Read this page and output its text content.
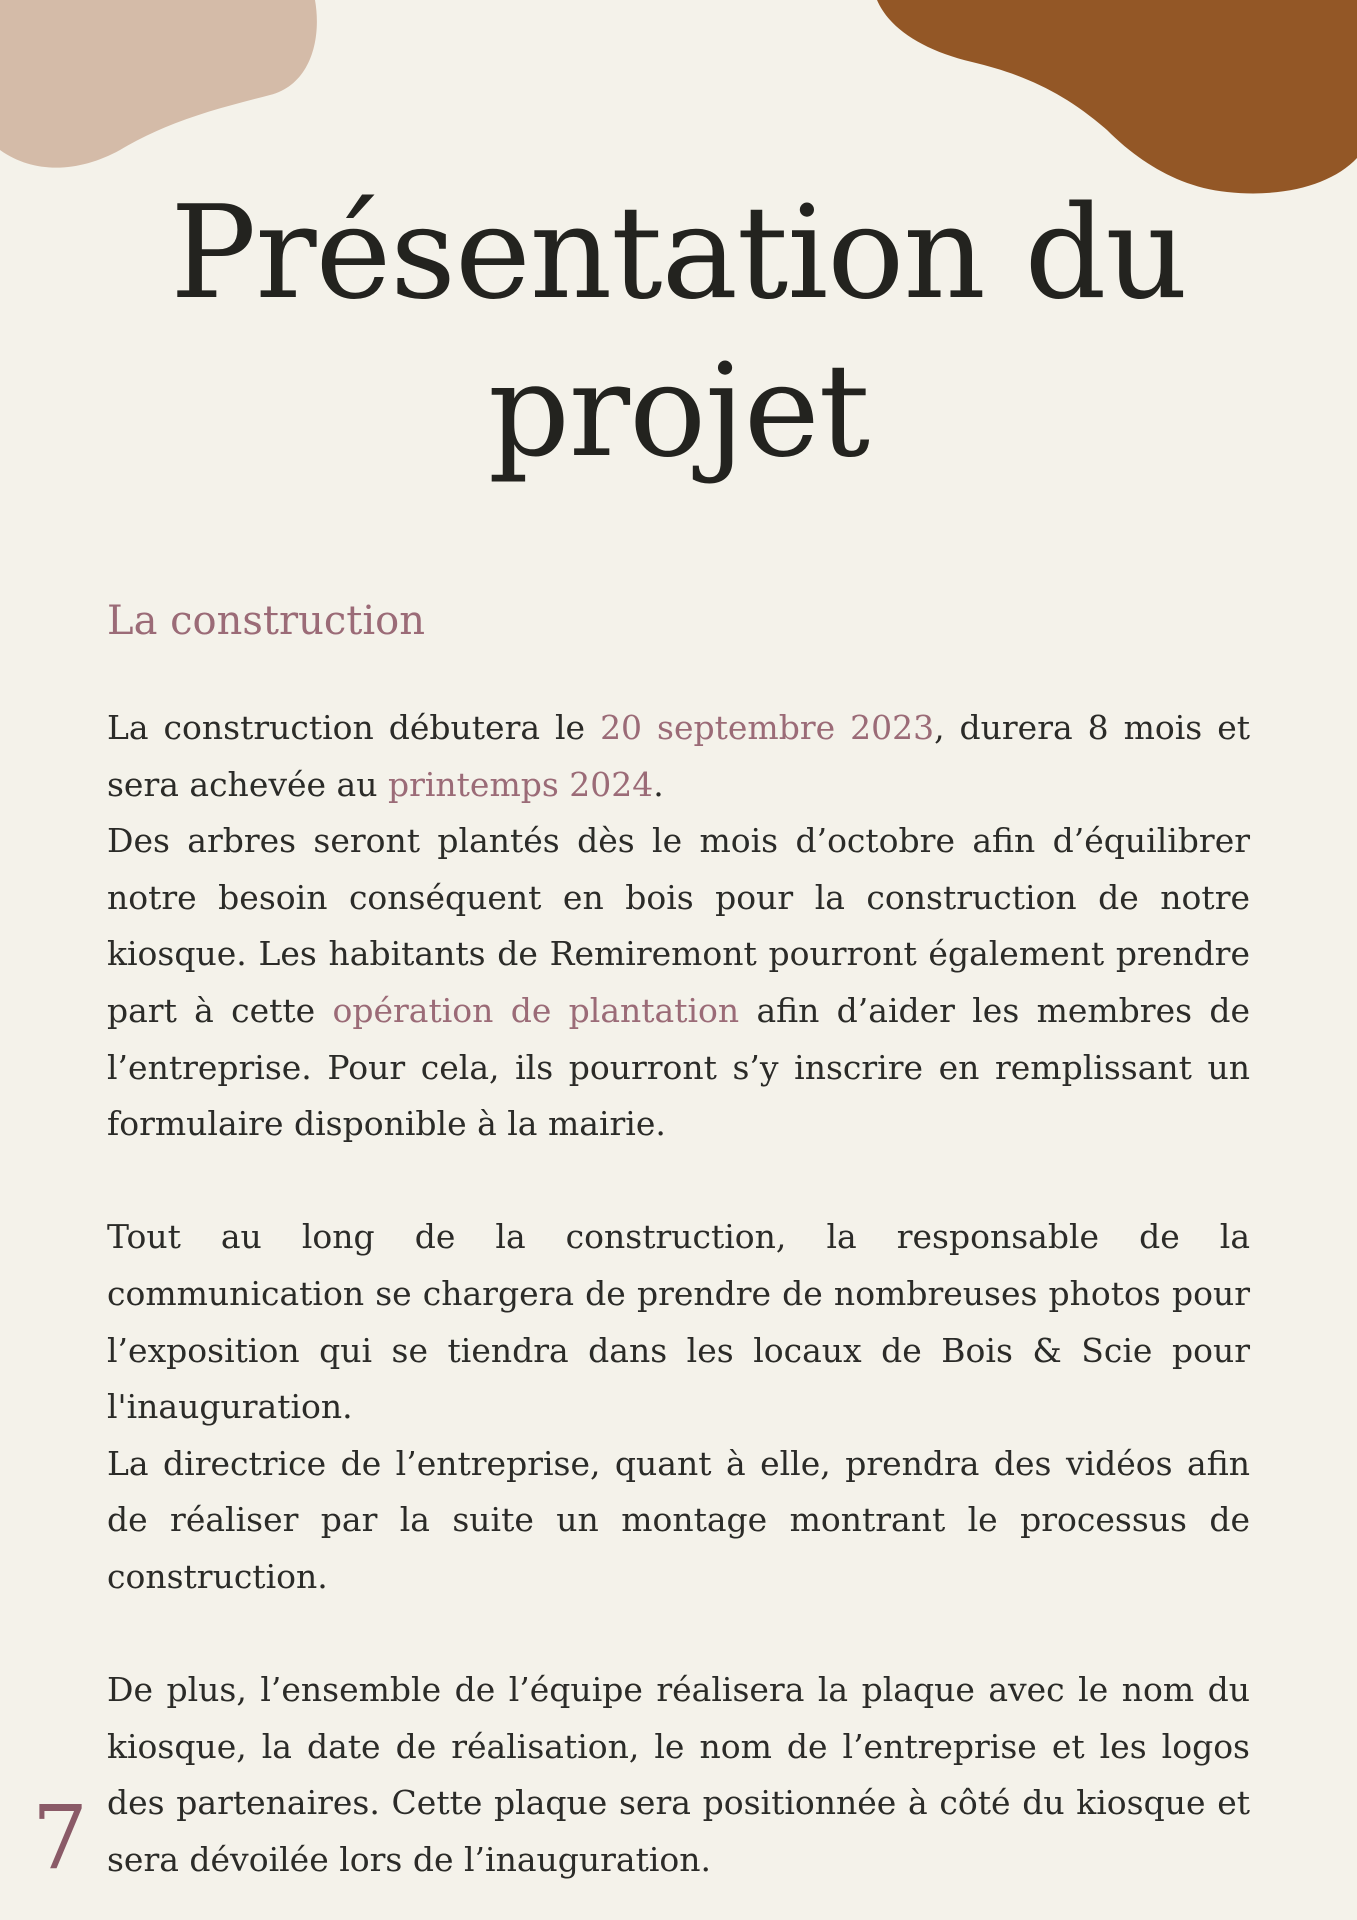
Présentation du
projet
La construction

La construction débutera le 20 septembre 2023, durera 8 mois et sera achevée au printemps 2024.

Des arbres seront plantés dès le mois d’octobre afin d’équilibrer notre besoin conséquent en bois pour la construction de notre kiosque. Les habitants de Remiremont pourront également prendre part à cette opération de plantation afin d’aider les membres de l’entreprise. Pour cela, ils pourront s’y inscrire en remplissant un formulaire disponible à la mairie.

Tout au long de la construction, la responsable de la communication se chargera de prendre de nombreuses photos pour l’exposition qui se tiendra dans les locaux de Bois & Scie pour l'inauguration.

La directrice de l’entreprise, quant à elle, prendra des vidéos afin de réaliser par la suite un montage montrant le processus de construction.

De plus, l’ensemble de l’équipe réalisera la plaque avec le nom du kiosque, la date de réalisation, le nom de l’entreprise et les logos des partenaires. Cette plaque sera positionnée à côté du kiosque et sera dévoilée lors de l’inauguration.

7
